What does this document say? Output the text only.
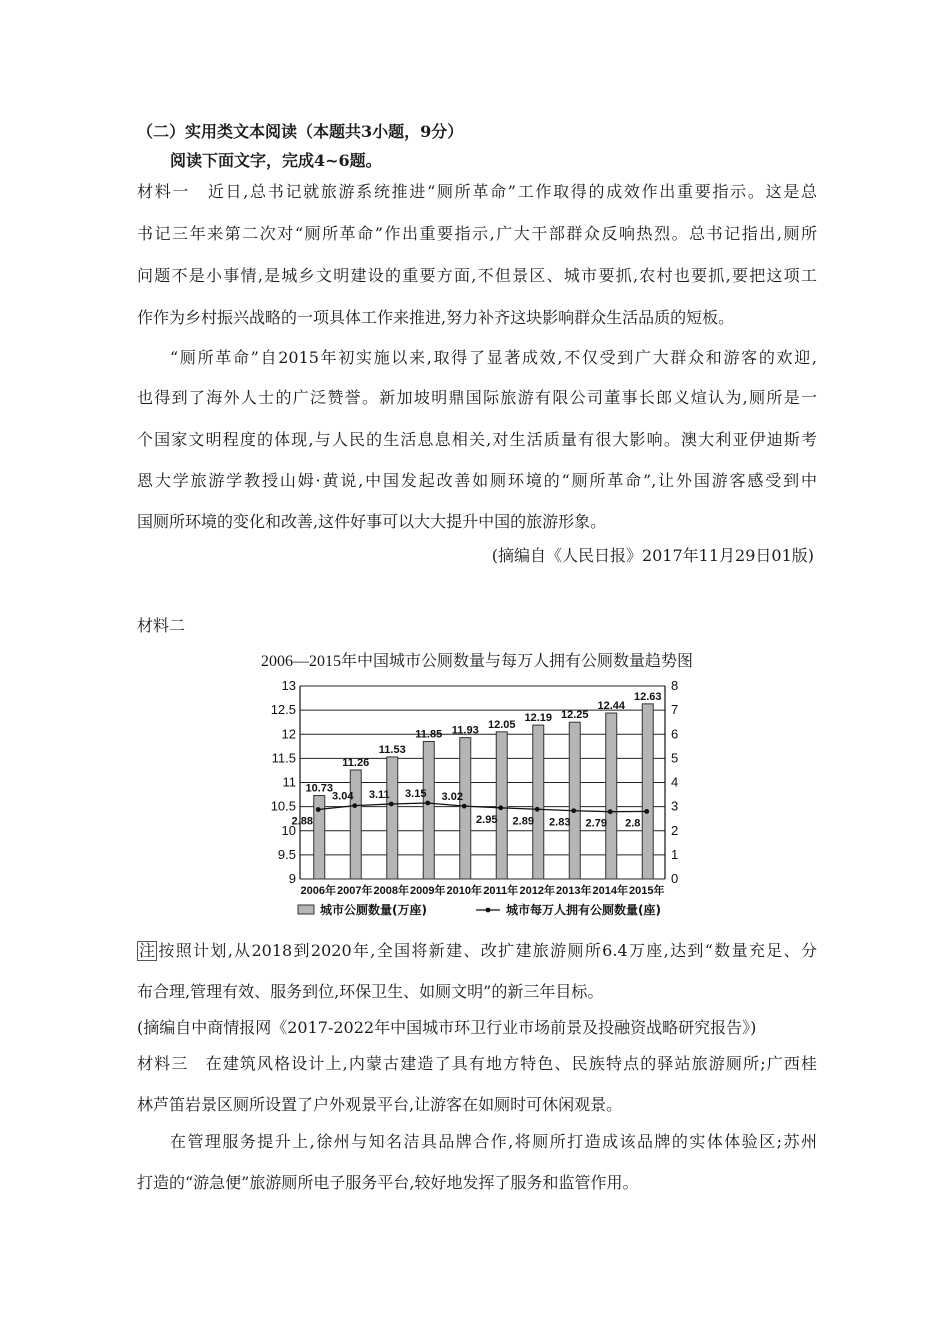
（二）实用类文本阅读（本题共3小题，9分）
阅读下面文字，完成4~6题。
材料一　近日,总书记就旅游系统推进“厕所革命”工作取得的成效作出重要指示。这是总
书记三年来第二次对“厕所革命”作出重要指示,广大干部群众反响热烈。总书记指出,厕所
问题不是小事情,是城乡文明建设的重要方面,不但景区、城市要抓,农村也要抓,要把这项工
作作为乡村振兴战略的一项具体工作来推进,努力补齐这块影响群众生活品质的短板。
“厕所革命”自2015年初实施以来,取得了显著成效,不仅受到广大群众和游客的欢迎,
也得到了海外人士的广泛赞誉。新加坡明鼎国际旅游有限公司董事长郎义煊认为,厕所是一
个国家文明程度的体现,与人民的生活息息相关,对生活质量有很大影响。澳大利亚伊迪斯考
恩大学旅游学教授山姆·黄说,中国发起改善如厕环境的“厕所革命”,让外国游客感受到中
国厕所环境的变化和改善,这件好事可以大大提升中国的旅游形象。
(摘编自《人民日报》2017年11月29日01版)
材料二
2006—2015年中国城市公厕数量与每万人拥有公厕数量趋势图
9
9.5
10
10.5
11
11.5
12
12.5
13
0
1
2
3
4
5
6
7
8
10.73
11.26
11.53
11.85 11.93 12.05
12.19 12.25
12.44
12.63
2.88
3.04 3.11 3.15 3.02
2.95 2.89 2.83 2.79 2.8
2006年 2007年 2008年 2009年 2010年 2011年 2012年 2013年 2014年 2015年
城市公厕数量(万座)	城市每万人拥有公厕数量(座)
注 按照计划,从2018到2020年,全国将新建、改扩建旅游厕所6.4万座,达到“数量充足、分
布合理,管理有效、服务到位,环保卫生、如厕文明”的新三年目标。
(摘编自中商情报网《2017-2022年中国城市环卫行业市场前景及投融资战略研究报告》)
材料三　在建筑风格设计上,内蒙古建造了具有地方特色、民族特点的驿站旅游厕所;广西桂
林芦笛岩景区厕所设置了户外观景平台,让游客在如厕时可休闲观景。
在管理服务提升上,徐州与知名洁具品牌合作,将厕所打造成该品牌的实体体验区;苏州
打造的“游急便”旅游厕所电子服务平台,较好地发挥了服务和监管作用。
